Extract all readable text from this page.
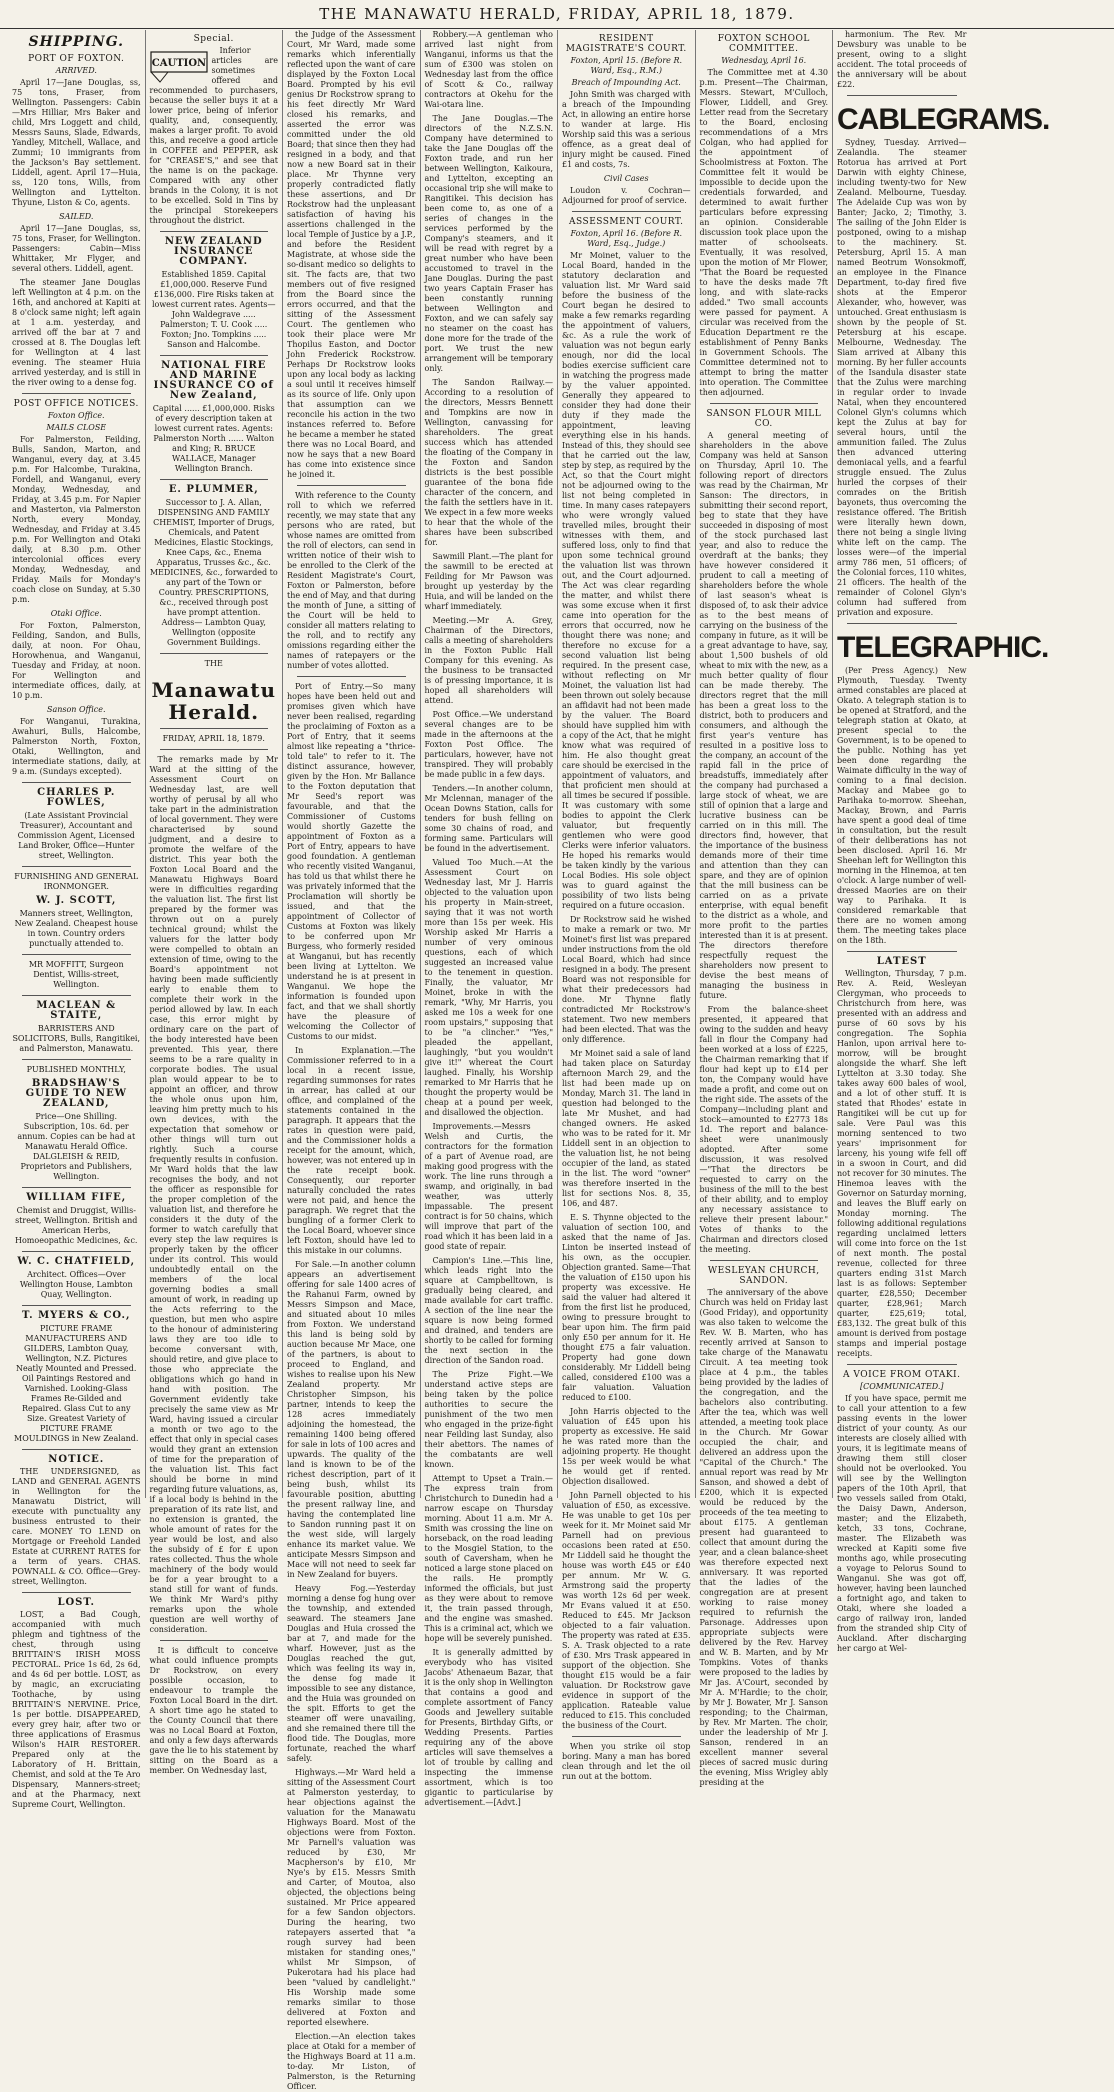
THE MANAWATU HERALD, FRIDAY, APRIL 18, 1879.
SHIPPING.
PORT OF FOXTON.
ARRIVED.
April 17—Jane Douglas, ss, 75 tons, Fraser, from Wellington. Passengers: Cabin—Mrs Hilliar, Mrs Baker and child, Mrs Loggett and child, Messrs Sauns, Slade, Edwards, Yandley, Mitchell, Wallace, and Zummi; 10 immigrants from the Jackson's Bay settlement. Liddell, agent. April 17—Huia, ss, 120 tons, Wills, from Wellington and Lyttelton. Thyune, Liston & Co, agents.
SAILED.
April 17—Jane Douglas, ss, 75 tons, Fraser, for Wellington. Passengers: Cabin—Miss Whittaker, Mr Flyger, and several others. Liddell, agent.
The steamer Jane Douglas left Wellington at 4 p.m. on the 16th, and anchored at Kapiti at 8 o'clock same night; left again at 1 a.m. yesterday, and arrived off the bar at 7 and crossed at 8. The Douglas left for Wellington at 4 last evening. The steamer Huia arrived yesterday, and is still in the river owing to a dense fog.
POST OFFICE NOTICES.
Foxton Office.
MAILS CLOSE
For Palmerston, Feilding, Bulls, Sandon, Marton, and Wanganui, every day, at 3.45 p.m. For Halcombe, Turakina, Fordell, and Wanganui, every Monday, Wednesday, and Friday, at 3.45 p.m. For Napier and Masterton, via Palmerston North, every Monday, Wednesday, and Friday at 3.45 p.m. For Wellington and Otaki daily, at 8.30 p.m. Other intercolonial offices every Monday, Wednesday, and Friday. Mails for Monday's coach close on Sunday, at 5.30 p.m.
Otaki Office.
For Foxton, Palmerston, Feilding, Sandon, and Bulls, daily, at noon. For Ohau, Horowhenua, and Wanganui, Tuesday and Friday, at noon. For Wellington and intermediate offices, daily, at 10 p.m.
Sanson Office.
For Wanganui, Turakina, Awahuri, Bulls, Halcombe, Palmerston North, Foxton, Otaki, Wellington, and intermediate stations, daily, at 9 a.m. (Sundays excepted).
CHARLES P. FOWLES,
(Late Assistant Provincial Treasurer), Accountant and Commission Agent, Licensed Land Broker, Office—Hunter street, Wellington.
FURNISHING AND GENERAL IRONMONGER.
W. J. SCOTT,
Manners street, Wellington, New Zealand. Cheapest house in town. Country orders punctually attended to.
MR MOFFITT, Surgeon Dentist, Willis-street, Wellington.
MACLEAN & STAITE,
BARRISTERS AND SOLICITORS, Bulls, Rangitikei, and Palmerston, Manawatu.
PUBLISHED MONTHLY,
BRADSHAW'S GUIDE TO NEW ZEALAND,
Price—One Shilling. Subscription, 10s. 6d. per annum. Copies can be had at Manawatu Herald Office. DALGLEISH & REID, Proprietors and Publishers, Wellington.
WILLIAM FIFE,
Chemist and Druggist, Willis-street, Wellington. British and American Herbs, Homoeopathic Medicines, &c.
W. C. CHATFIELD,
Architect. Offices—Over Wellington House, Lambton Quay, Wellington.
T. MYERS & CO.,
PICTURE FRAME MANUFACTURERS AND GILDERS, Lambton Quay, Wellington, N.Z. Pictures Neatly Mounted and Pressed. Oil Paintings Restored and Varnished. Looking-Glass Frames Re-Gilded and Repaired. Glass Cut to any Size. Greatest Variety of PICTURE FRAME MOULDINGS in New Zealand.
NOTICE.
THE UNDERSIGNED, as LAND and GENERAL AGENTS in Wellington for the Manawatu District, will execute with punctuality any business entrusted to their care. MONEY TO LEND on Mortgage or Freehold Landed Estate at CURRENT RATES for a term of years. CHAS. POWNALL & CO. Office—Grey-street, Wellington.
LOST.
LOST, a Bad Cough, accompanied with much phlegm and tightness of the chest, through using BRITTAIN'S IRISH MOSS PECTORAL. Price 1s 6d, 2s 6d, and 4s 6d per bottle. LOST, as by magic, an excruciating Toothache, by using BRITTAIN'S NERVINE. Price, 1s per bottle. DISAPPEARED, every grey hair, after two or three applications of Erasmus Wilson's HAIR RESTORER. Prepared only at the Laboratory of H. Brittain, Chemist, and sold at the Te Aro Dispensary, Manners-street; and at the Pharmacy, next Supreme Court, Wellington.
Special.
CAUTION
Inferior articles are sometimes offered and recommended to purchasers, because the seller buys it at a lower price, being of inferior quality, and, consequently, makes a larger profit. To avoid this, and receive a good article in COFFEE and PEPPER, ask for "CREASE'S," and see that the name is on the package. Compared with any other brands in the Colony, it is not to be excelled. Sold in Tins by the principal Storekeepers throughout the district.
NEW ZEALAND INSURANCE COMPANY.
Established 1859. Capital £1,000,000. Reserve Fund £136,000. Fire Risks taken at lowest current rates. Agents— John Waldegrave ..... Palmerston; T. U. Cook ..... Foxton; Jno. Tompkins ..... Sanson and Halcombe.
NATIONAL FIRE AND MARINE INSURANCE CO of New Zealand,
Capital ...... £1,000,000. Risks of every description taken at lowest current rates. Agents: Palmerston North ...... Walton and King; R. BRUCE WALLACE, Manager Wellington Branch.
E. PLUMMER,
Successor to J. A. Allan, DISPENSING AND FAMILY CHEMIST, Importer of Drugs, Chemicals, and Patent Medicines, Elastic Stockings, Knee Caps, &c., Enema Apparatus, Trusses &c., &c. MEDICINES, &c., forwarded to any part of the Town or Country. PRESCRIPTIONS, &c., received through post have prompt attention. Address— Lambton Quay, Wellington (opposite Government Buildings.
THE
Manawatu Herald.
FRIDAY, APRIL 18, 1879.
The remarks made by Mr Ward at the sitting of the Assessment Court on Wednesday last, are well worthy of perusal by all who take part in the administration of local government. They were characterised by sound judgment, and a desire to promote the welfare of the district. This year both the Foxton Local Board and the Manawatu Highways Board were in difficulties regarding the valuation list. The first list prepared by the former was thrown out on a purely technical ground; whilst the valuers for the latter body were compelled to obtain an extension of time, owing to the Board's appointment not having been made sufficiently early to enable them to complete their work in the period allowed by law. In each case, this error might by ordinary care on the part of the body interested have been prevented. This year, there seems to be a rare quality in corporate bodies. The usual plan would appear to be to appoint an officer, and throw the whole onus upon him, leaving him pretty much to his own devices, with the expectation that somehow or other things will turn out rightly. Such a course frequently results in confusion. Mr Ward holds that the law recognises the body, and not the officer as responsible for the proper completion of the valuation list, and therefore he considers it the duty of the former to watch carefully that every step the law requires is properly taken by the officer under its control. This would undoubtedly entail on the members of the local governing bodies a small amount of work, in reading up the Acts referring to the question, but men who aspire to the honour of administering laws they are too idle to become conversant with, should retire, and give place to those who appreciate the obligations which go hand in hand with position. The Government evidently take precisely the same view as Mr Ward, having issued a circular a month or two ago to the effect that only in special cases would they grant an extension of time for the preparation of the valuation list. This fact should be borne in mind regarding future valuations, as, if a local body is behind in the preparation of its rate list, and no extension is granted, the whole amount of rates for the year would be lost, and also the subsidy of £ for £ upon rates collected. Thus the whole machinery of the body would be for a year brought to a stand still for want of funds. We think Mr Ward's pithy remarks upon the whole question are well worthy of consideration.
It is difficult to conceive what could influence prompts Dr Rockstrow, on every possible occasion, to endeavour to trample the Foxton Local Board in the dirt. A short time ago he stated to the County Council that there was no Local Board at Foxton, and only a few days afterwards gave the lie to his statement by sitting on the Board as a member. On Wednesday last,
the Judge of the Assessment Court, Mr Ward, made some remarks which inferentially reflected upon the want of care displayed by the Foxton Local Board. Prompted by his evil genius Dr Rockstrow sprang to his feet directly Mr Ward closed his remarks, and asserted the error was committed under the old Board; that since then they had resigned in a body, and that now a new Board sat in their place. Mr Thynne very properly contradicted flatly these assertions, and Dr Rockstrow had the unpleasant satisfaction of having his assertions challenged in the local Temple of Justice by a J.P., and before the Resident Magistrate, at whose side the so-disant medico so delights to sit. The facts are, that two members out of five resigned from the Board since the errors occurred, and that the sitting of the Assessment Court. The gentlemen who took their place were Mr Thopilus Easton, and Doctor John Frederick Rockstrow. Perhaps Dr Rockstrow looks upon any local body as lacking a soul until it receives himself as its source of life. Only upon that assumption can we reconcile his action in the two instances referred to. Before he became a member he stated there was no Local Board, and now he says that a new Board has come into existence since he joined it.
With reference to the County roll to which we referred recently, we may state that any persons who are rated, but whose names are omitted from the roll of electors, can send in written notice of their wish to be enrolled to the Clerk of the Resident Magistrate's Court, Foxton or Palmerston, before the end of May, and that during the month of June, a sitting of the Court will be held to consider all matters relating to the roll, and to rectify any omissions regarding either the names of ratepayers or the number of votes allotted.
Port of Entry.—So many hopes have been held out and promises given which have never been realised, regarding the proclaiming of Foxton as a Port of Entry, that it seems almost like repeating a "thrice-told tale" to refer to it. The distinct assurance, however, given by the Hon. Mr Ballance to the Foxton deputation that Mr Seed's report was favourable, and that the Commissioner of Customs would shortly Gazette the appointment of Foxton as a Port of Entry, appears to have good foundation. A gentleman who recently visited Wanganui, has told us that whilst there he was privately informed that the Proclamation will shortly be issued, and that the appointment of Collector of Customs at Foxton was likely to be conferred upon Mr Burgess, who formerly resided at Wanganui, but has recently been living at Lyttelton. We understand he is at present in Wanganui. We hope the information is founded upon fact, and that we shall shortly have the pleasure of welcoming the Collector of Customs to our midst.
In Explanation.—The Commissioner referred to in a local in a recent issue, regarding summonses for rates in arrear, has called at our office, and complained of the statements contained in the paragraph. It appears that the rates in question were paid, and the Commissioner holds a receipt for the amount, which, however, was not entered up in the rate receipt book. Consequently, our reporter naturally concluded the rates were not paid, and hence the paragraph. We regret that the bungling of a former Clerk to the Local Board, whoever since left Foxton, should have led to this mistake in our columns.
For Sale.—In another column appears an advertisement offering for sale 1400 acres of the Rahanui Farm, owned by Messrs Simpson and Mace, and situated about 10 miles from Foxton. We understand this land is being sold by auction because Mr Mace, one of the partners, is about to proceed to England, and wishes to realise upon his New Zealand property. Mr Christopher Simpson, his partner, intends to keep the 128 acres immediately adjoining the homestead, the remaining 1400 being offered for sale in lots of 100 acres and upwards. The quality of the land is known to be of the richest description, part of it being bush, whilst its favourable position, abutting the present railway line, and having the contemplated line to Sandon running past it on the west side, will largely enhance its market value. We anticipate Messrs Simpson and Mace will not need to seek far in New Zealand for buyers.
Heavy Fog.—Yesterday morning a dense fog hung over the township, and extended seaward. The steamers Jane Douglas and Huia crossed the bar at 7, and made for the wharf. However, just as the Douglas reached the gut, which was feeling its way in, the dense fog made it impossible to see any distance, and the Huia was grounded on the spit. Efforts to get the steamer off were unavailing, and she remained there till the flood tide. The Douglas, more fortunate, reached the wharf safely.
Highways.—Mr Ward held a sitting of the Assessment Court at Palmerston yesterday, to hear objections against the valuation for the Manawatu Highways Board. Most of the objections were from Foxton. Mr Parnell's valuation was reduced by £30, Mr Macpherson's by £10, Mr Nye's by £15. Messrs Smith and Carter, of Moutoa, also objected, the objections being sustained. Mr Price appeared for a few Sandon objectors. During the hearing, two ratepayers asserted that "a rough survey had been mistaken for standing ones," whilst Mr Simpson, of Pukerotara had his place had been "valued by candlelight." His Worship made some remarks similar to those delivered at Foxton and reported elsewhere.
Election.—An election takes place at Otaki for a member of the Highways Board at 11 a.m. to-day. Mr Liston, of Palmerston, is the Returning Officer.
Robbery.—A gentleman who arrived last night from Wanganui, informs us that the sum of £300 was stolen on Wednesday last from the office of Scott & Co., railway contractors at Okehu for the Wai-otara line.
The Jane Douglas.—The directors of the N.Z.S.N. Company have determined to take the Jane Douglas off the Foxton trade, and run her between Wellington, Kaikoura, and Lyttelton, excepting an occasional trip she will make to Rangitikei. This decision has been come to, as one of a series of changes in the services performed by the Company's steamers, and it will be read with regret by a great number who have been accustomed to travel in the Jane Douglas. During the past two years Captain Fraser has been constantly running between Wellington and Foxton, and we can safely say no steamer on the coast has done more for the trade of the port. We trust the new arrangement will be temporary only.
The Sandon Railway.—According to a resolution of the directors, Messrs Bennett and Tompkins are now in Wellington, canvassing for shareholders. The great success which has attended the floating of the Company in the Foxton and Sandon districts is the best possible guarantee of the bona fide character of the concern, and the faith the settlers have in it. We expect in a few more weeks to hear that the whole of the shares have been subscribed for.
Sawmill Plant.—The plant for the sawmill to be erected at Feilding for Mr Pawson was brought up yesterday by the Huia, and will be landed on the wharf immediately.
Meeting.—Mr A. Grey, Chairman of the Directors, calls a meeting of shareholders in the Foxton Public Hall Company for this evening. As the business to be transacted is of pressing importance, it is hoped all shareholders will attend.
Post Office.—We understand several changes are to be made in the afternoons at the Foxton Post Office. The particulars, however, have not transpired. They will probably be made public in a few days.
Tenders.—In another column, Mr Mclennan, manager of the Ocean Downs Station, calls for tenders for bush felling on some 30 chains of road, and forming same. Particulars will be found in the advertisement.
Valued Too Much.—At the Assessment Court on Wednesday last, Mr J. Harris objected to the valuation upon his property in Main-street, saying that it was not worth more than 15s per week. His Worship asked Mr Harris a number of very ominous questions, each of which suggested an increased value to the tenement in question. Finally, the valuator, Mr Moinet, broke in with the remark, "Why, Mr Harris, you asked me 10s a week for one room upstairs," supposing that to be "a clincher." "Yes," pleaded the appellant, laughingly, "but you wouldn't give it!" whereat the Court laughed. Finally, his Worship remarked to Mr Harris that he thought the property would be cheap at a pound per week, and disallowed the objection.
Improvements.—Messrs Welsh and Curtis, the contractors for the formation of a part of Avenue road, are making good progress with the work. The line runs through a swamp, and originally, in bad weather, was utterly impassable. The present contract is for 50 chains, which will improve that part of the road which it has been laid in a good state of repair.
Campion's Line.—This line, which leads right into the square at Campbelltown, is gradually being cleared, and made available for cart traffic. A section of the line near the square is now being formed and drained, and tenders are shortly to be called for forming the next section in the direction of the Sandon road.
The Prize Fight.—We understand active steps are being taken by the police authorities to secure the punishment of the two men who engaged in the prize-fight near Feilding last Sunday, also their abettors. The names of the combatants are well known.
Attempt to Upset a Train.—The express train from Christchurch to Dunedin had a narrow escape on Thursday morning. About 11 a.m. Mr A. Smith was crossing the line on horseback, on the road leading to the Mosgiel Station, to the south of Caversham, when he noticed a large stone placed on the rails. He promptly informed the officials, but just as they were about to remove it, the train passed through, and the engine was smashed. This is a criminal act, which we hope will be severely punished.
It is generally admitted by everybody who has visited Jacobs' Athenaeum Bazar, that it is the only shop in Wellington that contains a good and complete assortment of Fancy Goods and Jewellery suitable for Presents, Birthday Gifts, or Wedding Presents. Parties requiring any of the above articles will save themselves a lot of trouble by calling and inspecting the immense assortment, which is too gigantic to particularise by advertisement.—[Advt.]
RESIDENT MAGISTRATE'S COURT.
Foxton, April 15. (Before R. Ward, Esq., R.M.)
Breach of Impounding Act.
John Smith was charged with a breach of the Impounding Act, in allowing an entire horse to wander at large. His Worship said this was a serious offence, as a great deal of injury might be caused. Fined £1 and costs, 7s.
Civil Cases
Loudon v. Cochran—Adjourned for proof of service.
ASSESSMENT COURT.
Foxton, April 16. (Before R. Ward, Esq., Judge.)
Mr Moinet, valuer to the Local Board, handed in the statutory declaration and valuation list. Mr Ward said before the business of the Court began he desired to make a few remarks regarding the appointment of valuers, &c. As a rule the work of valuation was not begun early enough, nor did the local bodies exercise sufficient care in watching the progress made by the valuer appointed. Generally they appeared to consider they had done their duty if they made the appointment, leaving everything else in his hands. Instead of this, they should see that he carried out the law, step by step, as required by the Act, so that the Court might not be adjourned owing to the list not being completed in time. In many cases ratepayers who were wrongly valued travelled miles, brought their witnesses with them, and suffered loss, only to find that upon some technical ground the valuation list was thrown out, and the Court adjourned. The Act was clear regarding the matter, and whilst there was some excuse when it first came into operation for the errors that occurred, now he thought there was none; and therefore no excuse for a second valuation list being required. In the present case, without reflecting on Mr Moinet, the valuation list had been thrown out solely because an affidavit had not been made by the valuer. The Board should have supplied him with a copy of the Act, that he might know what was required of him. He also thought great care should be exercised in the appointment of valuators, and that proficient men should at all times be secured if possible. It was customary with some bodies to appoint the Clerk valuator, but frequently gentlemen who were good Clerks were inferior valuators. He hoped his remarks would be taken kindly by the various Local Bodies. His sole object was to guard against the possibility of two lists being required on a future occasion.
Dr Rockstrow said he wished to make a remark or two. Mr Moinet's first list was prepared under instructions from the old Local Board, which had since resigned in a body. The present Board was not responsible for what their predecessors had done. Mr Thynne flatly contradicted Mr Rockstrow's statement. Two new members had been elected. That was the only difference.
Mr Moinet said a sale of land had taken place on Saturday afternoon March 29, and the list had been made up on Monday, March 31. The land in question had belonged to the late Mr Mushet, and had changed owners. He asked who was to be rated for it. Mr Liddell sent in an objection to the valuation list, he not being occupier of the land, as stated in the list. The word "owner" was therefore inserted in the list for sections Nos. 8, 35, 106, and 487.
E. S. Thynne objected to the valuation of section 100, and asked that the name of Jas. Linton be inserted instead of his own, as the occupier. Objection granted. Same—That the valuation of £150 upon his property was excessive. He said the valuer had altered it from the first list he produced, owing to pressure brought to bear upon him. The firm paid only £50 per annum for it. He thought £75 a fair valuation. Property had gone down considerably. Mr Liddell being called, considered £100 was a fair valuation. Valuation reduced to £100.
John Harris objected to the valuation of £45 upon his property as excessive. He said he was rated more than the adjoining property. He thought 15s per week would be what he would get if rented. Objection disallowed.
John Parnell objected to his valuation of £50, as excessive. He was unable to get 10s per week for it. Mr Moinet said Mr Parnell had on previous occasions been rated at £50. Mr Liddell said he thought the house was worth £45 or £40 per annum. Mr W. G. Armstrong said the property was worth 12s 6d per week. Mr Evans valued it at £50. Reduced to £45. Mr Jackson objected to a fair valuation. The property was rated at £35. S. A. Trask objected to a rate of £30. Mrs Trask appeared in support of the objection. She thought £15 would be a fair valuation. Dr Rockstrow gave evidence in support of the application. Rateable value reduced to £15. This concluded the business of the Court.
When you strike oil stop boring. Many a man has bored clean through and let the oil run out at the bottom.
FOXTON SCHOOL COMMITTEE.
Wednesday, April 16.
The Committee met at 4.30 p.m. Present—The Chairman, Messrs. Stewart, M'Culloch, Flower, Liddell, and Grey. Letter read from the Secretary to the Board, enclosing recommendations of a Mrs Colgan, who had applied for the appointment of Schoolmistress at Foxton. The Committee felt it would be impossible to decide upon the credentials forwarded, and determined to await further particulars before expressing an opinion. Considerable discussion took place upon the matter of schoolseats. Eventually, it was resolved, upon the motion of Mr Flower, "That the Board be requested to have the desks made 7ft long, and with slate-racks added." Two small accounts were passed for payment. A circular was received from the Education Department re the establishment of Penny Banks in Government Schools. The Committee determined not to attempt to bring the matter into operation. The Committee then adjourned.
SANSON FLOUR MILL CO.
A general meeting of shareholders in the above Company was held at Sanson on Thursday, April 10. The following report of directors was read by the Chairman, Mr Sanson: The directors, in submitting their second report, beg to state that they have succeeded in disposing of most of the stock purchased last year, and also to reduce the overdraft at the banks; they have however considered it prudent to call a meeting of shareholders before the whole of last season's wheat is disposed of, to ask their advice as to the best means of carrying on the business of the company in future, as it will be a great advantage to have, say, about 1,500 bushels of old wheat to mix with the new, as a much better quality of flour can be made thereby. The directors regret that the mill has been a great loss to the district, both to producers and consumers, and although the first year's venture has resulted in a positive loss to the company, an account of the rapid fall in the price of breadstuffs, immediately after the company had purchased a large stock of wheat, we are still of opinion that a large and lucrative business can be carried on in this mill. The directors find, however, that the importance of the business demands more of their time and attention than they can spare, and they are of opinion that the mill business can be carried on as a private enterprise, with equal benefit to the district as a whole, and more profit to the parties interested than it is at present. The directors therefore respectfully request the shareholders now present to devise the best means of managing the business in future.
From the balance-sheet presented, it appeared that owing to the sudden and heavy fall in flour the Company had been worked at a loss of £225, the Chairman remarking that if flour had kept up to £14 per ton, the Company would have made a profit, and come out on the right side. The assets of the Company—including plant and stock—amounted to £2773 18s 1d. The report and balance-sheet were unanimously adopted. After some discussion, it was resolved—"That the directors be requested to carry on the business of the mill to the best of their ability, and to employ any necessary assistance to relieve their present labour." Votes of thanks to the Chairman and directors closed the meeting.
WESLEYAN CHURCH, SANDON.
The anniversary of the above Church was held on Friday last (Good Friday), and opportunity was also taken to welcome the Rev. W. B. Marten, who has recently arrived at Sanson to take charge of the Manawatu Circuit. A tea meeting took place at 4 p.m., the tables being provided by the ladies of the congregation, and the bachelors also contributing. After the tea, which was well attended, a meeting took place in the Church. Mr Gowar occupied the chair, and delivered an address upon the "Capital of the Church." The annual report was read by Mr Sanson, and showed a debt of £200, which it is expected would be reduced by the proceeds of the tea meeting to about £175. A gentleman present had guaranteed to collect that amount during the year, and a clean balance-sheet was therefore expected next anniversary. It was reported that the ladies of the congregation are at present working to raise money required to refurnish the Parsonage. Addresses upon appropriate subjects were delivered by the Rev. Harvey and W. B. Marten, and by Mr Tompkins. Votes of thanks were proposed to the ladies by Mr Jas. A'Court, seconded by Mr A. M'Hardie; to the choir, by Mr J. Bowater, Mr J. Sanson responding; to the Chairman, by Rev. Mr Marten. The choir, under the leadership of Mr J. Sanson, rendered in an excellent manner several pieces of sacred music during the evening, Miss Wrigley ably presiding at the
harmonium. The Rev. Mr Dewsbury was unable to be present, owing to a slight accident. The total proceeds of the anniversary will be about £22.
CABLEGRAMS.
Sydney, Tuesday. Arrived—Zealandia. The steamer Rotorua has arrived at Port Darwin with eighty Chinese, including twenty-two for New Zealand. Melbourne, Tuesday. The Adelaide Cup was won by Banter; Jacko, 2; Timothy, 3. The sailing of the John Elder is postponed, owing to a mishap to the machinery. St. Petersburg, April 15. A man named Beotrum Wonsokmoff, an employee in the Finance Department, to-day fired five shots at the Emperor Alexander, who, however, was untouched. Great enthusiasm is shown by the people of St. Petersburg at his escape. Melbourne, Wednesday. The Siam arrived at Albany this morning. By her fuller accounts of the Isandula disaster state that the Zulus were marching in regular order to invade Natal, when they encountered Colonel Glyn's columns which kept the Zulus at bay for several hours, until the ammunition failed. The Zulus then advanced uttering demoniacal yells, and a fearful struggle ensued. The Zulus hurled the corpses of their comrades on the British bayonets, thus overcoming the resistance offered. The British were literally hewn down, there not being a single living white left on the camp. The losses were—of the imperial army 786 men, 51 officers; of the Colonial forces, 110 whites, 21 officers. The health of the remainder of Colonel Glyn's column had suffered from privation and exposure.
TELEGRAPHIC.
(Per Press Agency.) New Plymouth, Tuesday. Twenty armed constables are placed at Okato. A telegraph station is to be opened at Stratford, and the telegraph station at Okato, at present special to the Government, is to be opened to the public. Nothing has yet been done regarding the Waimate difficulty in the way of coming to a final decision. Mackay and Mabee go to Parihaka to-morrow. Sheehan, Mackay, Brown, and Parris have spent a good deal of time in consultation, but the result of their deliberations has not been disclosed. April 16. Mr Sheehan left for Wellington this morning in the Hinemoa, at ten o'clock. A large number of well-dressed Maories are on their way to Parihaka. It is considered remarkable that there are no women among them. The meeting takes place on the 18th.
LATEST
Wellington, Thursday, 7 p.m. Rev. A. Reid, Wesleyan Clergyman, who proceeds to Christchurch from here, was presented with an address and purse of 60 sovs by his congregation. The Sophia Hanlon, upon arrival here to-morrow, will be brought alongside the wharf. She left Lyttelton at 3.30 today. She takes away 600 bales of wool, and a lot of other stuff. It is stated that Rhodes' estate in Rangitikei will be cut up for sale. Vere Paul was this morning sentenced to two years' imprisonment for larceny, his young wife fell off in a swoon in Court, and did not recover for 30 minutes. The Hinemoa leaves with the Governor on Saturday morning, and leaves the Bluff early on Monday morning. The following additional regulations regarding unclaimed letters will come into force on the 1st of next month. The postal revenue, collected for three quarters ending 31st March last is as follows: September quarter, £28,550; December quarter, £28,961; March quarter, £25,619; total, £83,132. The great bulk of this amount is derived from postage stamps and imperial postage receipts.
A VOICE FROM OTAKI.
[COMMUNICATED.]
If you have space, permit me to call your attention to a few passing events in the lower district of your county. As our interests are closely allied with yours, it is legitimate means of drawing them still closer should not be overlooked. You will see by the Wellington papers of the 10th April, that two vessels sailed from Otaki, the Daisy Dawn, Anderson, master; and the Elizabeth, ketch, 33 tons, Cochrane, master. The Elizabeth was wrecked at Kapiti some five months ago, while prosecuting a voyage to Pelorus Sound to Wanganui. She was got off, however, having been launched a fortnight ago, and taken to Otaki, where she loaded a cargo of railway iron, landed from the stranded ship City of Auckland. After discharging her cargo at Wel-
